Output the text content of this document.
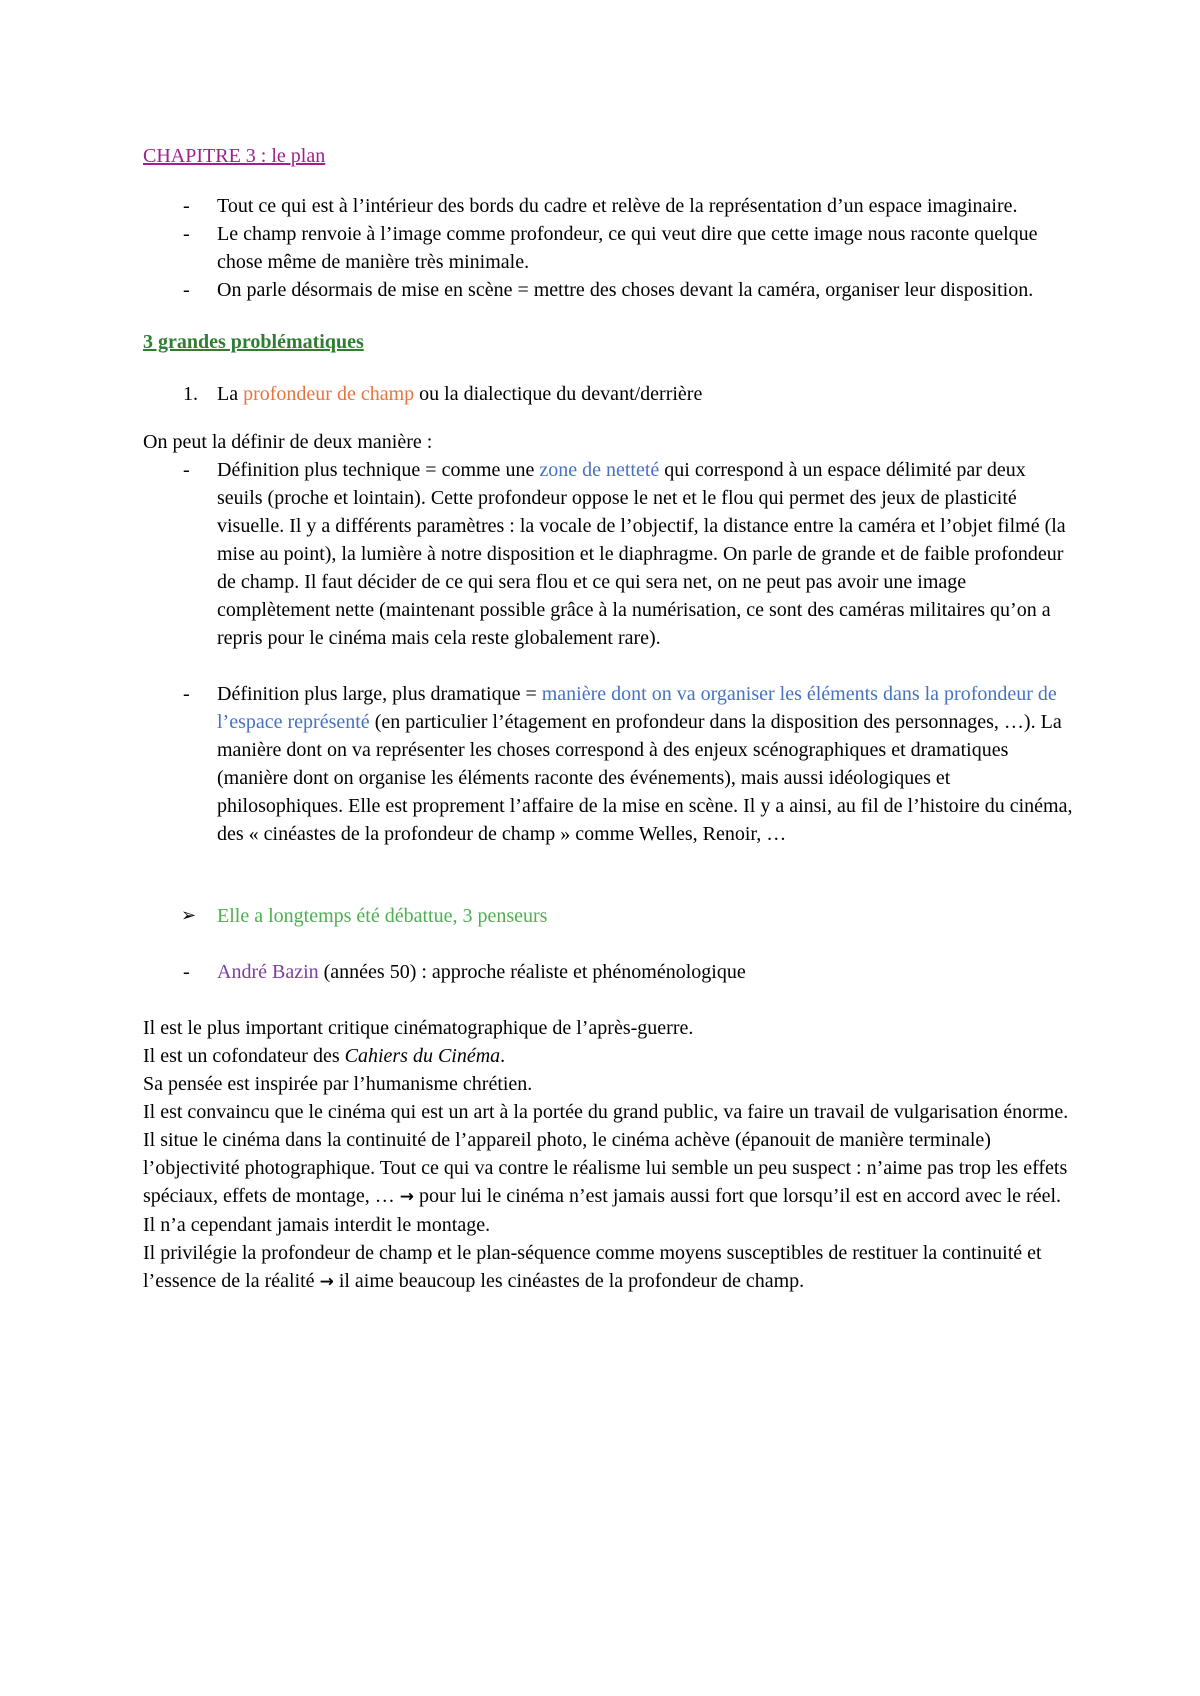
CHAPITRE 3 : le plan
- Tout ce qui est à l’intérieur des bords du cadre et relève de la représentation d’un espace imaginaire.
- Le champ renvoie à l’image comme profondeur, ce qui veut dire que cette image nous raconte quelque chose même de manière très minimale.
- On parle désormais de mise en scène = mettre des choses devant la caméra, organiser leur disposition.
3 grandes problématiques
1. La profondeur de champ ou la dialectique du devant/derrière

On peut la définir de deux manière :

- Définition plus technique = comme une zone de netteté qui correspond à un espace délimité par deux seuils (proche et lointain). Cette profondeur oppose le net et le flou qui permet des jeux de plasticité visuelle. Il y a différents paramètres : la vocale de l’objectif, la distance entre la caméra et l’objet filmé (la mise au point), la lumière à notre disposition et le diaphragme. On parle de grande et de faible profondeur de champ. Il faut décider de ce qui sera flou et ce qui sera net, on ne peut pas avoir une image complètement nette (maintenant possible grâce à la numérisation, ce sont des caméras militaires qu’on a repris pour le cinéma mais cela reste globalement rare).
- Définition plus large, plus dramatique = manière dont on va organiser les éléments dans la profondeur de l’espace représenté (en particulier l’étagement en profondeur dans la disposition des personnages, …). La manière dont on va représenter les choses correspond à des enjeux scénographiques et dramatiques (manière dont on organise les éléments raconte des événements), mais aussi idéologiques et philosophiques. Elle est proprement l’affaire de la mise en scène. Il y a ainsi, au fil de l’histoire du cinéma, des « cinéastes de la profondeur de champ » comme Welles, Renoir, …
➢ Elle a longtemps été débattue, 3 penseurs
- André Bazin (années 50) : approche réaliste et phénoménologique

Il est le plus important critique cinématographique de l’après-guerre.

Il est un cofondateur des Cahiers du Cinéma.

Sa pensée est inspirée par l’humanisme chrétien.

Il est convaincu que le cinéma qui est un art à la portée du grand public, va faire un travail de vulgarisation énorme.

Il situe le cinéma dans la continuité de l’appareil photo, le cinéma achève (épanouit de manière terminale) l’objectivité photographique. Tout ce qui va contre le réalisme lui semble un peu suspect : n’aime pas trop les effets spéciaux, effets de montage, … → pour lui le cinéma n’est jamais aussi fort que lorsqu’il est en accord avec le réel. Il n’a cependant jamais interdit le montage.

Il privilégie la profondeur de champ et le plan-séquence comme moyens susceptibles de restituer la continuité et l’essence de la réalité → il aime beaucoup les cinéastes de la profondeur de champ.
